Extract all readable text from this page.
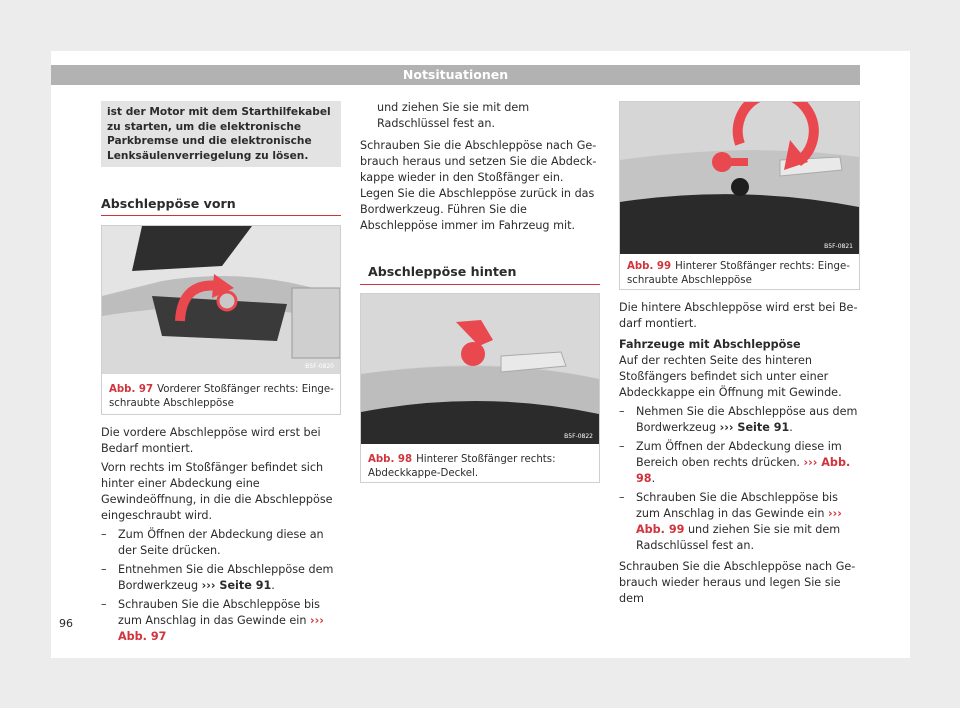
Notsituationen
ist der Motor mit dem Starthilfekabel zu starten, um die elektronische Parkbremse und die elektronische Lenksäulenverriegelung zu lösen.
Abschleppöse vorn
B5F-0820
Abb. 97 Vorderer Stoßfänger rechts: Eingeschraubte Abschleppöse

Die vordere Abschleppöse wird erst bei Bedarf montiert.

Vorn rechts im Stoßfänger befindet sich hinter einer Abdeckung eine Gewindeöffnung, in die die Abschleppöse eingeschraubt wird.

–	Zum Öffnen der Abdeckung diese an der Seite drücken.
–	Entnehmen Sie die Abschleppöse dem Bordwerkzeug ››› Seite 91.
–	Schrauben Sie die Abschleppöse bis zum Anschlag in das Gewinde ein ››› Abb. 97

und ziehen Sie sie mit dem Radschlüssel fest an.

Schrauben Sie die Abschleppöse nach Gebrauch heraus und setzen Sie die Abdeckkappe wieder in den Stoßfänger ein. Legen Sie die Abschleppöse zurück in das Bordwerkzeug. Führen Sie die Abschleppöse immer im Fahrzeug mit.

Abschleppöse hinten
B5F-0822
Abb. 98 Hinterer Stoßfänger rechts: Abdeckkappe-Deckel.
B5F-0821
Abb. 99 Hinterer Stoßfänger rechts: Eingeschraubte Abschleppöse

Die hintere Abschleppöse wird erst bei Bedarf montiert.

Fahrzeuge mit Abschleppöse

Auf der rechten Seite des hinteren Stoßfängers befindet sich unter einer Abdeckkappe ein Öffnung mit Gewinde.

–	Nehmen Sie die Abschleppöse aus dem Bordwerkzeug ››› Seite 91.
–	Zum Öffnen der Abdeckung diese im Bereich oben rechts drücken. ››› Abb. 98.
–	Schrauben Sie die Abschleppöse bis zum Anschlag in das Gewinde ein ››› Abb. 99 und ziehen Sie sie mit dem Radschlüssel fest an.

Schrauben Sie die Abschleppöse nach Gebrauch wieder heraus und legen Sie sie dem

96
